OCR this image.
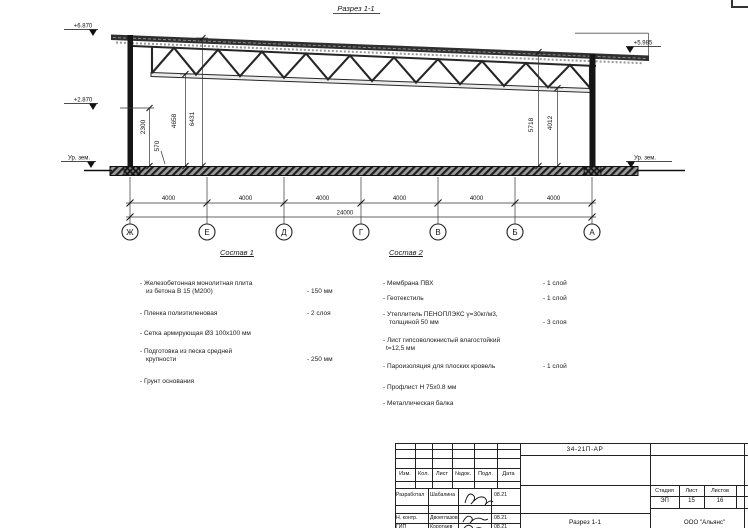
Разрез 1-1
+6.870
+2.870
+5.985
Ур. зем.	Ур. зем.
2300
570
4658 6431	5718 4012
4000	4000	4000	4000	4000	4000
24000
Ж	Е	Д	Г	В	Б	А
Состав 1
- Железобетонная монолитная плита
из бетона В 15 (М200)	- 150 мм
- Пленка полиэтиленовая	- 2 слоя
- Сетка армирующая Ø3 100х100 мм
- Подготовка из песка средней
крупности	- 250 мм
- Грунт основания
Состав 2
- Мембрана ПВХ	- 1 слой
- Геотекстиль	- 1 слой
- Утеплитель ПЕНОПЛЭКС γ=30кг/м3,
толщиной 50 мм	- 3 слоя
- Лист гипсоволокнистый влагостойкий
t=12,5 мм
- Пароизоляция для плоских кровель	- 1 слой
- Профлист Н 75х0.8 мм
- Металлическая балка
34-21П-АР
Изм.	Кол.	Лист	№док.	Подл.	Дата
Разработал Шабалина	08.21
Н. контр. Двоеглазов	08.21
ГИП	Коротаев	08.21
Стадия	Лист	Листов
ЭП	15	16
Разрез 1-1	ООО "Альянс"
